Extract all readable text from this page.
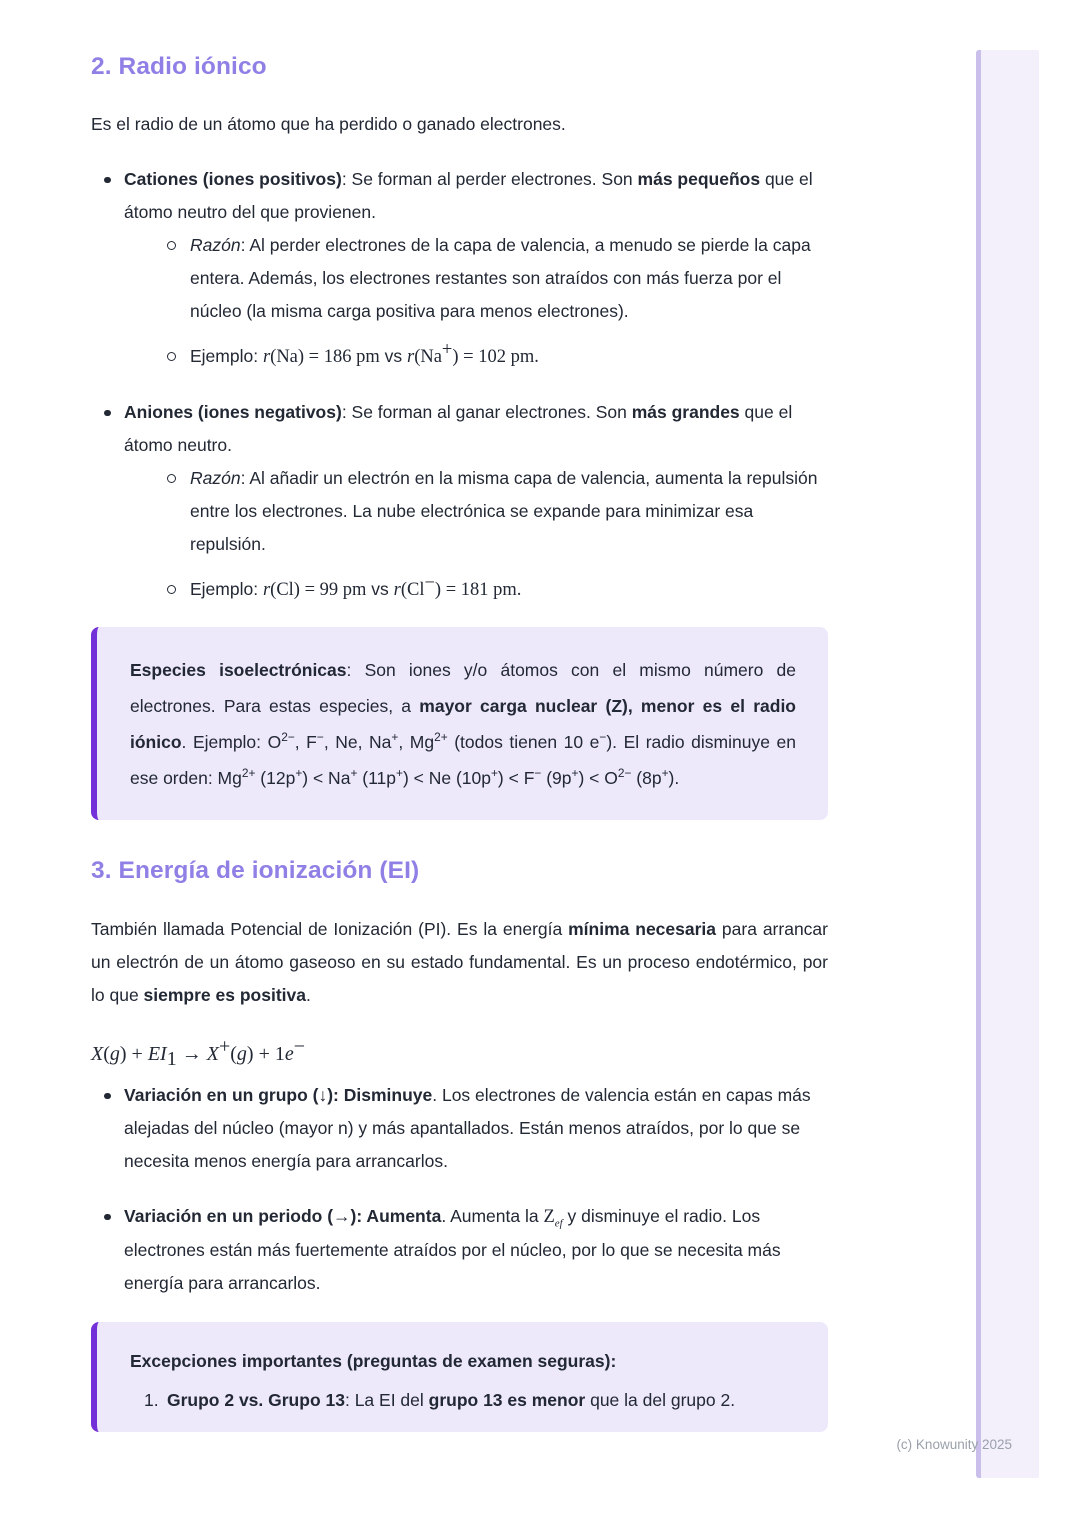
2. Radio iónico

Es el radio de un átomo que ha perdido o ganado electrones.

Cationes (iones positivos): Se forman al perder electrones. Son más pequeños que el átomo neutro del que provienen.
Razón: Al perder electrones de la capa de valencia, a menudo se pierde la capa entera. Además, los electrones restantes son atraídos con más fuerza por el núcleo (la misma carga positiva para menos electrones).
Ejemplo: r(Na) = 186 pm vs r(Na+) = 102 pm.
Aniones (iones negativos): Se forman al ganar electrones. Son más grandes que el átomo neutro.
Razón: Al añadir un electrón en la misma capa de valencia, aumenta la repulsión entre los electrones. La nube electrónica se expande para minimizar esa repulsión.
Ejemplo: r(Cl) = 99 pm vs r(Cl−) = 181 pm.

Especies isoelectrónicas: Son iones y/o átomos con el mismo número de electrones. Para estas especies, a mayor carga nuclear (Z), menor es el radio iónico. Ejemplo: $O^{2-}$, F−, Ne, Na+, $Mg^{2+}$ (todos tienen 10 e−). El radio disminuye en ese orden: $Mg^{2+}$ (12p+) < Na+ (11p+) < Ne (10p+) < F− $(9p^+) < O^{2-}$ (8p+).

3. Energía de ionización (EI)

También llamada Potencial de Ionización (PI). Es la energía mínima necesaria para arrancar un electrón de un átomo gaseoso en su estado fundamental. Es un proceso endotérmico, por lo que siempre es positiva.

$X(g) + EI_1 \to X^+(g) + 1e^-$

Variación en un grupo (↓): Disminuye. Los electrones de valencia están en capas más alejadas del núcleo (mayor n) y más apantallados. Están menos atraídos, por lo que se necesita menos energía para arrancarlos.
Variación en un periodo (→): Aumenta. Aumenta la $Z_{ef}$ y disminuye el radio. Los electrones están más fuertemente atraídos por el núcleo, por lo que se necesita más energía para arrancarlos.

Excepciones importantes (preguntas de examen seguras):

1. Grupo 2 vs. Grupo 13: La EI del grupo 13 es menor que la del grupo 2.
(c) Knowunity 2025
